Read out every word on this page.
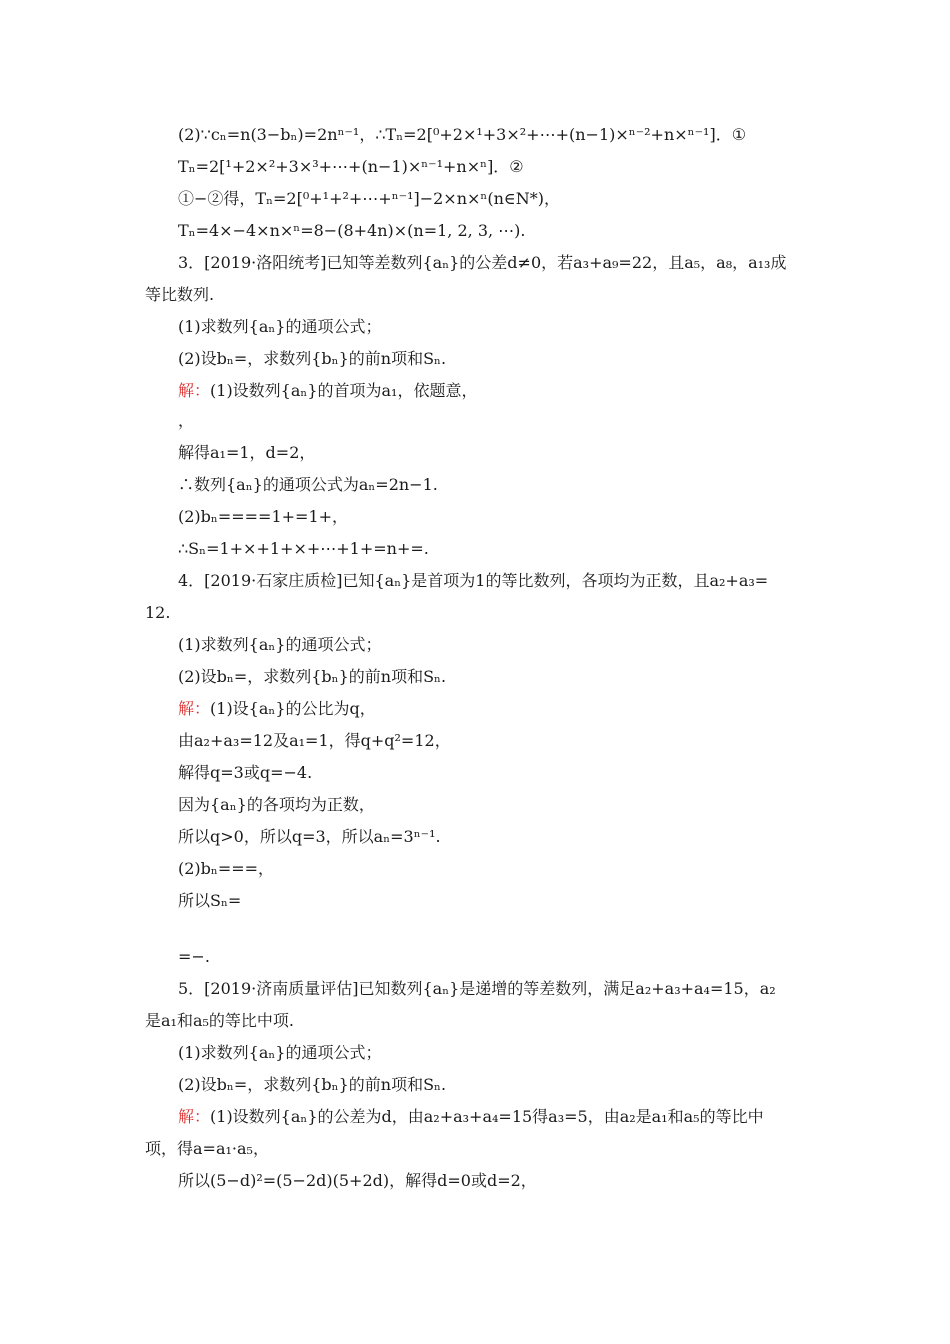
(2)∵cₙ=n(3−bₙ)=2nⁿ⁻¹，∴Tₙ=2[⁰+2×¹+3×²+⋯+(n−1)×ⁿ⁻²+n×ⁿ⁻¹]．①
Tₙ=2[¹+2×²+3×³+⋯+(n−1)×ⁿ⁻¹+n×ⁿ]．②
①−②得，Tₙ=2[⁰+¹+²+⋯+ⁿ⁻¹]−2×n×ⁿ(n∈N*)，
Tₙ=4×−4×n×ⁿ=8−(8+4n)×(n=1, 2, 3, ⋯).
3．[2019·洛阳统考]已知等差数列{aₙ}的公差d≠0，若a₃+a₉=22，且a₅，a₈，a₁₃成
等比数列.
(1)求数列{aₙ}的通项公式；
(2)设bₙ=，求数列{bₙ}的前n项和Sₙ.
解：(1)设数列{aₙ}的首项为a₁，依题意，
，
解得a₁=1，d=2，
∴数列{aₙ}的通项公式为aₙ=2n−1.
(2)bₙ====1+=1+，
∴Sₙ=1+×+1+×+⋯+1+=n+=.
4．[2019·石家庄质检]已知{aₙ}是首项为1的等比数列，各项均为正数，且a₂+a₃=
12.
(1)求数列{aₙ}的通项公式；
(2)设bₙ=，求数列{bₙ}的前n项和Sₙ.
解：(1)设{aₙ}的公比为q，
由a₂+a₃=12及a₁=1，得q+q²=12，
解得q=3或q=−4.
因为{aₙ}的各项均为正数，
所以q>0，所以q=3，所以aₙ=3ⁿ⁻¹.
(2)bₙ===，
所以Sₙ=
=−.
5．[2019·济南质量评估]已知数列{aₙ}是递增的等差数列，满足a₂+a₃+a₄=15，a₂
是a₁和a₅的等比中项.
(1)求数列{aₙ}的通项公式；
(2)设bₙ=，求数列{bₙ}的前n项和Sₙ.
解：(1)设数列{aₙ}的公差为d，由a₂+a₃+a₄=15得a₃=5，由a₂是a₁和a₅的等比中
项，得a=a₁·a₅，
所以(5−d)²=(5−2d)(5+2d)，解得d=0或d=2，
